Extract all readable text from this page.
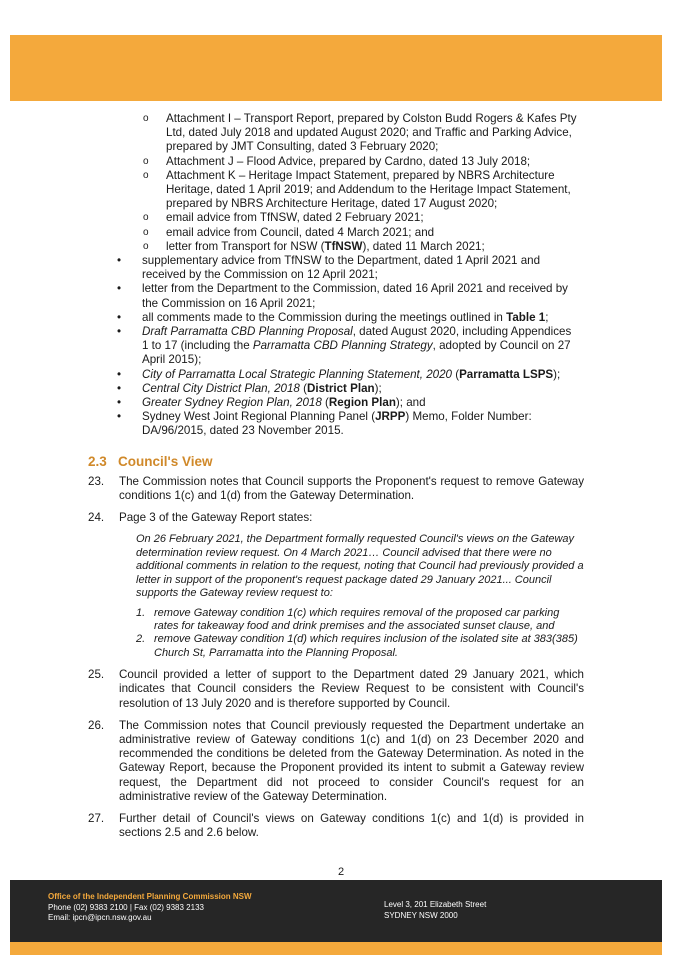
o Attachment I – Transport Report, prepared by Colston Budd Rogers & Kafes Pty Ltd, dated July 2018 and updated August 2020; and Traffic and Parking Advice, prepared by JMT Consulting, dated 3 February 2020;
o Attachment J – Flood Advice, prepared by Cardno, dated 13 July 2018;
o Attachment K – Heritage Impact Statement, prepared by NBRS Architecture Heritage, dated 1 April 2019; and Addendum to the Heritage Impact Statement, prepared by NBRS Architecture Heritage, dated 17 August 2020;
o email advice from TfNSW, dated 2 February 2021;
o email advice from Council, dated 4 March 2021; and
o letter from Transport for NSW (TfNSW), dated 11 March 2021;
• supplementary advice from TfNSW to the Department, dated 1 April 2021 and received by the Commission on 12 April 2021;
• letter from the Department to the Commission, dated 16 April 2021 and received by the Commission on 16 April 2021;
• all comments made to the Commission during the meetings outlined in Table 1;
• Draft Parramatta CBD Planning Proposal, dated August 2020, including Appendices 1 to 17 (including the Parramatta CBD Planning Strategy, adopted by Council on 27 April 2015);
• City of Parramatta Local Strategic Planning Statement, 2020 (Parramatta LSPS);
• Central City District Plan, 2018 (District Plan);
• Greater Sydney Region Plan, 2018 (Region Plan); and
• Sydney West Joint Regional Planning Panel (JRPP) Memo, Folder Number: DA/96/2015, dated 23 November 2015.
2.3 Council's View
23. The Commission notes that Council supports the Proponent's request to remove Gateway conditions 1(c) and 1(d) from the Gateway Determination.
24. Page 3 of the Gateway Report states:
On 26 February 2021, the Department formally requested Council's views on the Gateway determination review request. On 4 March 2021… Council advised that there were no additional comments in relation to the request, noting that Council had previously provided a letter in support of the proponent's request package dated 29 January 2021... Council supports the Gateway review request to:
1. remove Gateway condition 1(c) which requires removal of the proposed car parking rates for takeaway food and drink premises and the associated sunset clause, and
2. remove Gateway condition 1(d) which requires inclusion of the isolated site at 383(385) Church St, Parramatta into the Planning Proposal.
25. Council provided a letter of support to the Department dated 29 January 2021, which indicates that Council considers the Review Request to be consistent with Council's resolution of 13 July 2020 and is therefore supported by Council.
26. The Commission notes that Council previously requested the Department undertake an administrative review of Gateway conditions 1(c) and 1(d) on 23 December 2020 and recommended the conditions be deleted from the Gateway Determination. As noted in the Gateway Report, because the Proponent provided its intent to submit a Gateway review request, the Department did not proceed to consider Council's request for an administrative review of the Gateway Determination.
27. Further detail of Council's views on Gateway conditions 1(c) and 1(d) is provided in sections 2.5 and 2.6 below.
2
Office of the Independent Planning Commission NSW
Phone (02) 9383 2100 | Fax (02) 9383 2133
Email: ipcn@ipcn.nsw.gov.au
Level 3, 201 Elizabeth Street
SYDNEY NSW 2000
